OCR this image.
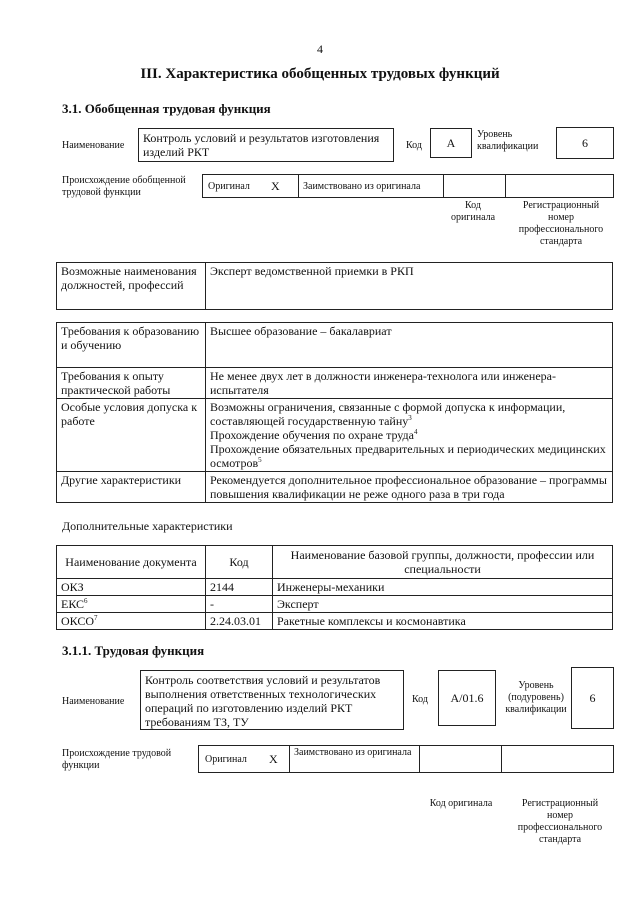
4
III. Характеристика обобщенных трудовых функций
3.1. Обобщенная трудовая функция
Наименование
Контроль условий и результатов изготовления изделий РКТ	Код	А
Уровень квалификации	6
Происхождение обобщенной трудовой функции
Оригинал X Заимствовано из оригинала
Код оригинала
Регистрационный номер профессионального стандарта
Возможные наименования должностей, профессий	Эксперт ведомственной приемки в РКП
Требования к образованию и обучению	Высшее образование – бакалавриат
Требования к опыту практической работы	Не менее двух лет в должности инженера-технолога или инженера-испытателя
Особые условия допуска к работе	Возможны ограничения, связанные с формой допуска к информации, составляющей государственную тайну$^3$
Прохождение обучения по охране труда$^4$
Прохождение обязательных предварительных и периодических медицинских осмотров$^5$

Другие характеристики	Рекомендуется дополнительное профессиональное образование – программы повышения квалификации не реже одного раза в три года
Дополнительные характеристики
Наименование документа	Код	Наименование базовой группы, должности, профессии или специальности
ОКЗ	2144	Инженеры-механики
ЕКС$^6$	-	Эксперт
ОКСО$^7$	2.24.03.01	Ракетные комплексы и космонавтика
3.1.1. Трудовая функция
Наименование
Контроль соответствия условий и результатов выполнения ответственных технологических операций по изготовлению изделий РКТ требованиям ТЗ, ТУ
Код	A/01.6
Уровень (подуровень) квалификации
6
Происхождение трудовой функции
Оригинал X Заимствовано из оригинала
Код оригинала	Регистрационный номер профессионального стандарта
